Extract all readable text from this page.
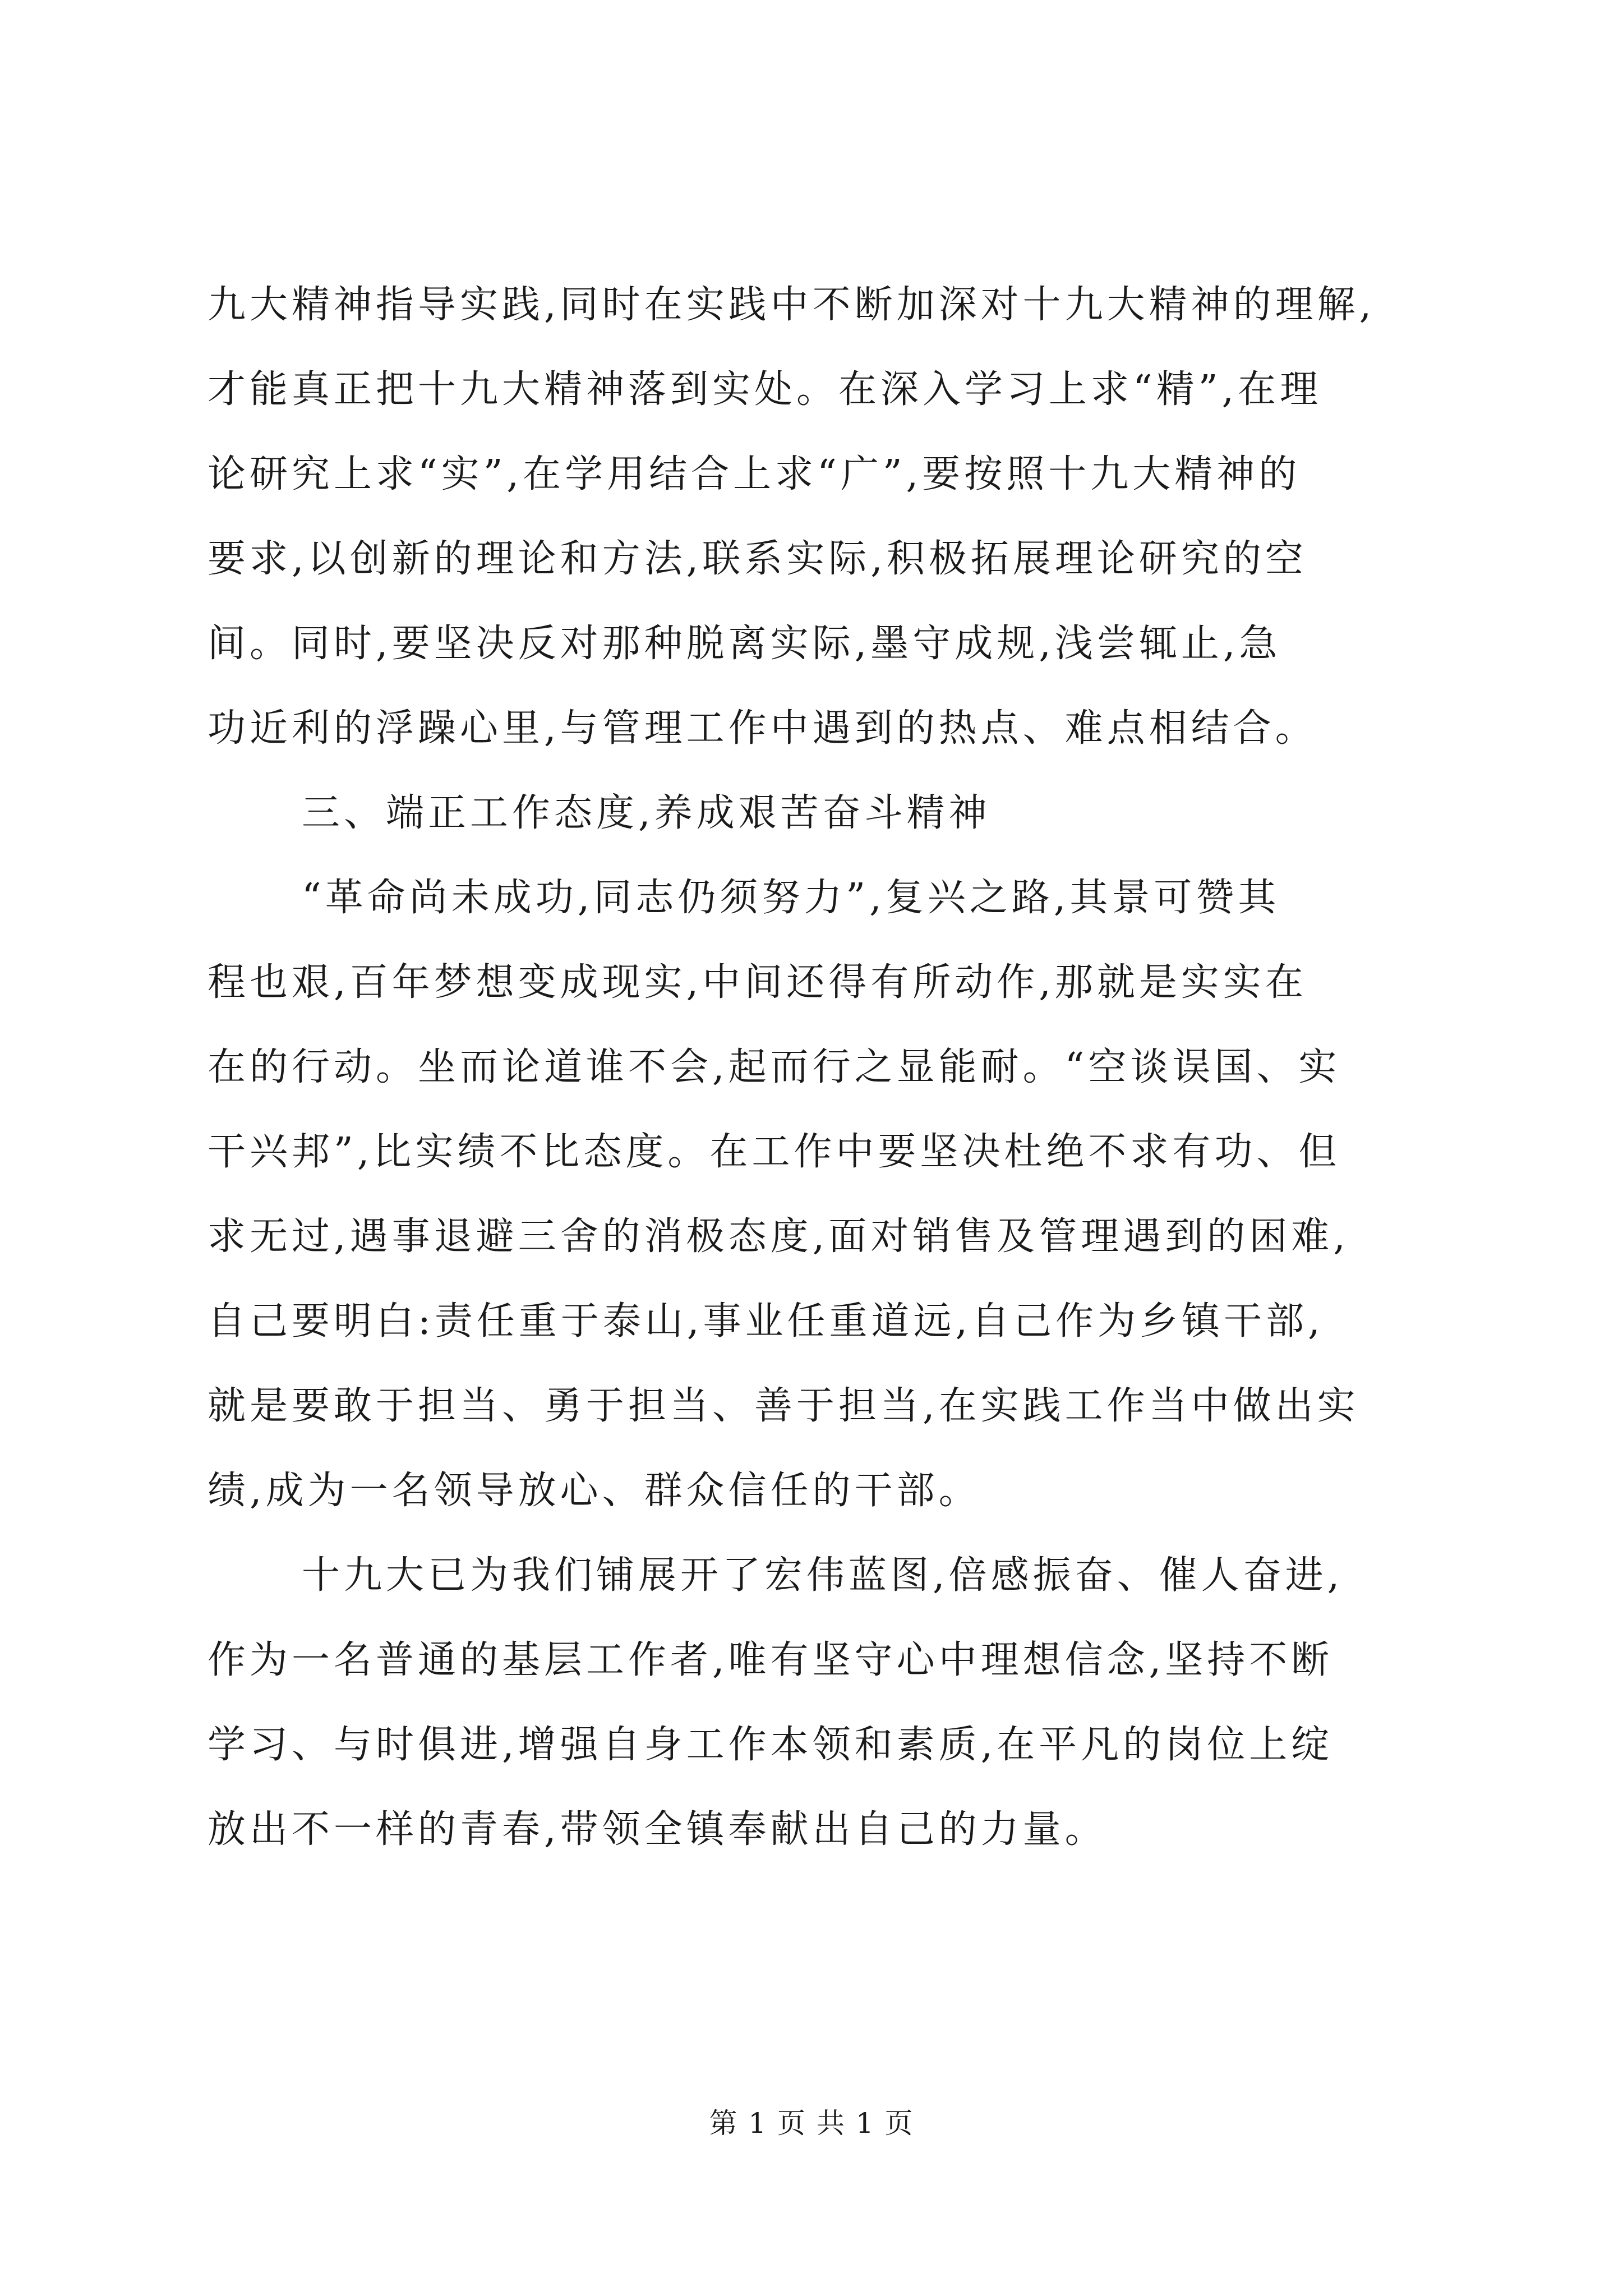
九大精神指导实践,同时在实践中不断加深对十九大精神的理解,
才能真正把十九大精神落到实处。在深入学习上求“精”,在理
论研究上求“实”,在学用结合上求“广”,要按照十九大精神的
要求,以创新的理论和方法,联系实际,积极拓展理论研究的空
间。同时,要坚决反对那种脱离实际,墨守成规,浅尝辄止,急
功近利的浮躁心里,与管理工作中遇到的热点、难点相结合。
三、端正工作态度,养成艰苦奋斗精神
“革命尚未成功,同志仍须努力”,复兴之路,其景可赞其
程也艰,百年梦想变成现实,中间还得有所动作,那就是实实在
在的行动。坐而论道谁不会,起而行之显能耐。“空谈误国、实
干兴邦”,比实绩不比态度。在工作中要坚决杜绝不求有功、但
求无过,遇事退避三舍的消极态度,面对销售及管理遇到的困难,
自己要明白:责任重于泰山,事业任重道远,自己作为乡镇干部,
就是要敢于担当、勇于担当、善于担当,在实践工作当中做出实
绩,成为一名领导放心、群众信任的干部。
十九大已为我们铺展开了宏伟蓝图,倍感振奋、催人奋进,
作为一名普通的基层工作者,唯有坚守心中理想信念,坚持不断
学习、与时俱进,增强自身工作本领和素质,在平凡的岗位上绽
放出不一样的青春,带领全镇奉献出自己的力量。
第 1 页 共 1 页
